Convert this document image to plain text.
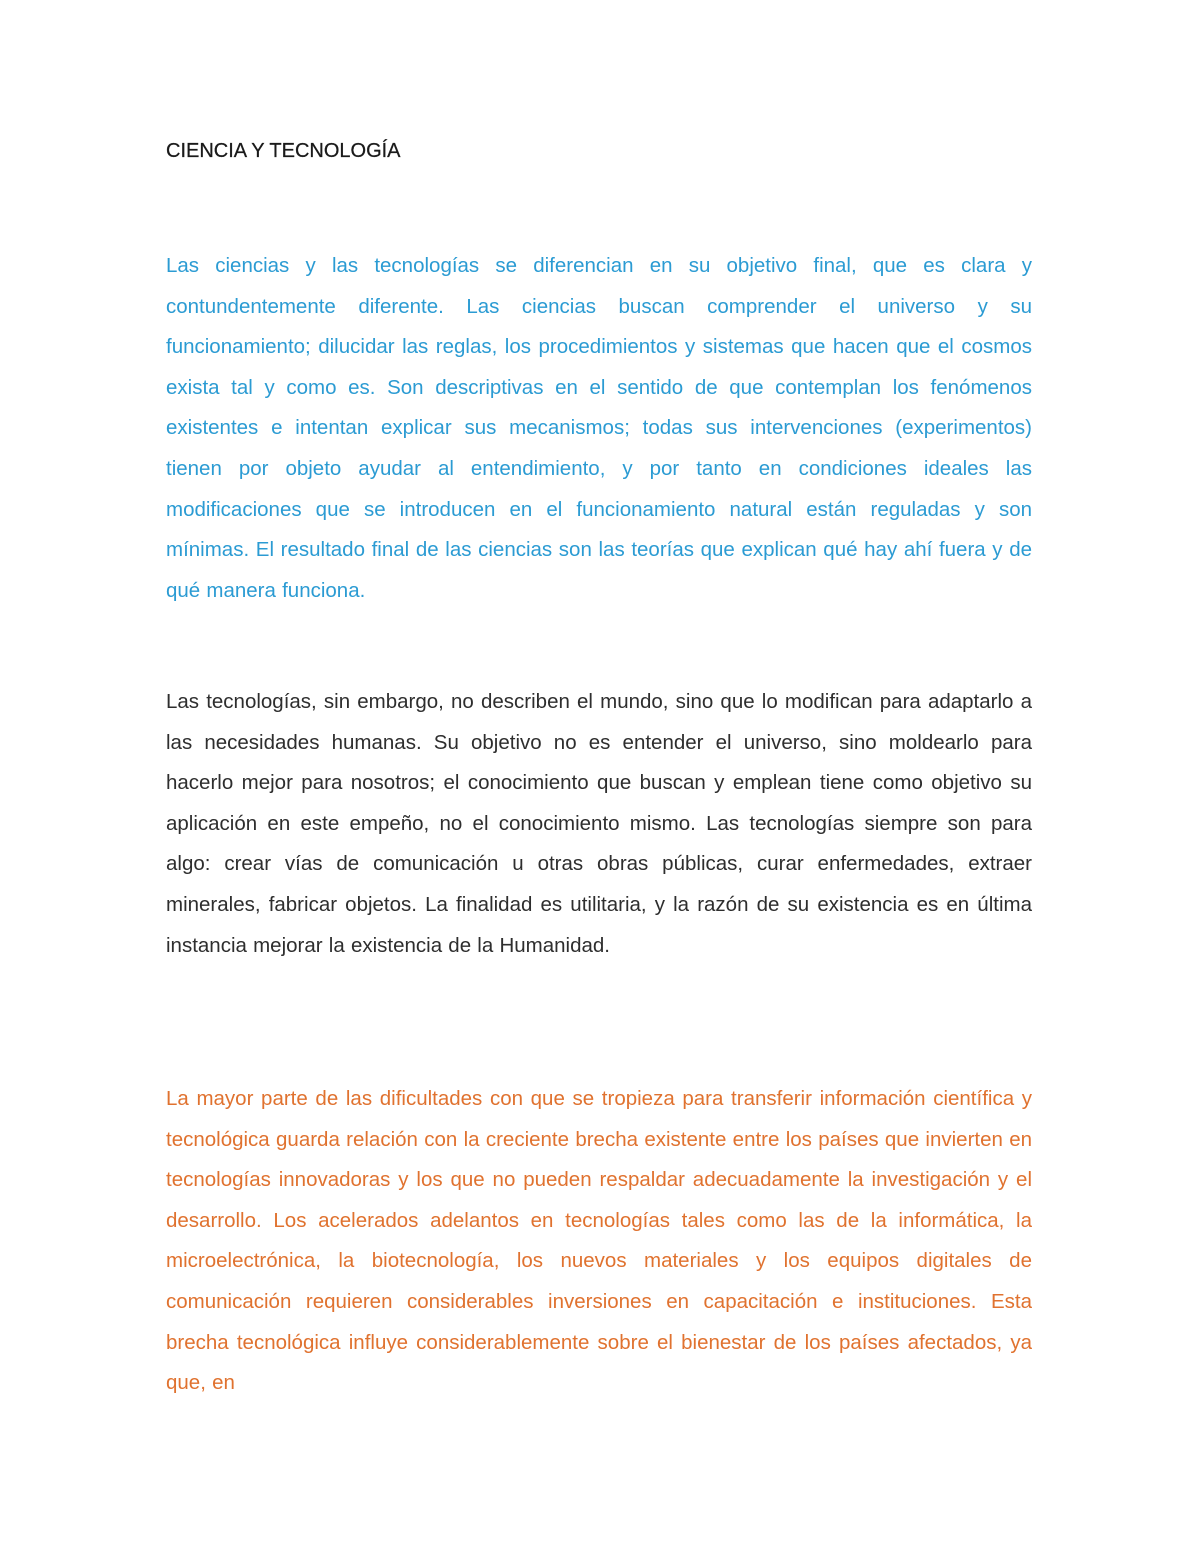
CIENCIA Y TECNOLOGÍA

Las ciencias y las tecnologías se diferencian en su objetivo final, que es clara y contundentemente diferente. Las ciencias buscan comprender el universo y su funcionamiento; dilucidar las reglas, los procedimientos y sistemas que hacen que el cosmos exista tal y como es. Son descriptivas en el sentido de que contemplan los fenómenos existentes e intentan explicar sus mecanismos; todas sus intervenciones (experimentos) tienen por objeto ayudar al entendimiento, y por tanto en condiciones ideales las modificaciones que se introducen en el funcionamiento natural están reguladas y son mínimas. El resultado final de las ciencias son las teorías que explican qué hay ahí fuera y de qué manera funciona.

Las tecnologías, sin embargo, no describen el mundo, sino que lo modifican para adaptarlo a las necesidades humanas. Su objetivo no es entender el universo, sino moldearlo para hacerlo mejor para nosotros; el conocimiento que buscan y emplean tiene como objetivo su aplicación en este empeño, no el conocimiento mismo. Las tecnologías siempre son para algo: crear vías de comunicación u otras obras públicas, curar enfermedades, extraer minerales, fabricar objetos. La finalidad es utilitaria, y la razón de su existencia es en última instancia mejorar la existencia de la Humanidad.

La mayor parte de las dificultades con que se tropieza para transferir información científica y tecnológica guarda relación con la creciente brecha existente entre los países que invierten en tecnologías innovadoras y los que no pueden respaldar adecuadamente la investigación y el desarrollo. Los acelerados adelantos en tecnologías tales como las de la informática, la microelectrónica, la biotecnología, los nuevos materiales y los equipos digitales de comunicación requieren considerables inversiones en capacitación e instituciones. Esta brecha tecnológica influye considerablemente sobre el bienestar de los países afectados, ya que, en
